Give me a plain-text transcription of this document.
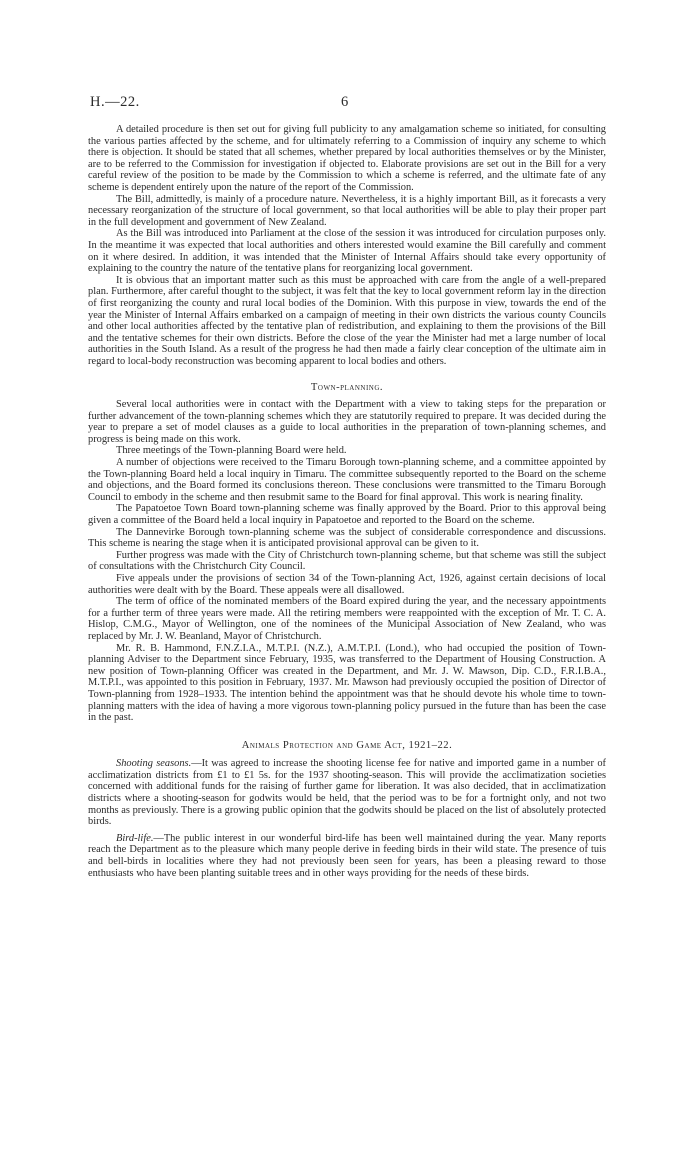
H.—22.	6

A detailed procedure is then set out for giving full publicity to any amalgamation scheme so initiated, for consulting the various parties affected by the scheme, and for ultimately referring to a Commission of inquiry any scheme to which there is objection. It should be stated that all schemes, whether prepared by local authorities themselves or by the Minister, are to be referred to the Commission for investigation if objected to. Elaborate provisions are set out in the Bill for a very careful review of the position to be made by the Commission to which a scheme is referred, and the ultimate fate of any scheme is dependent entirely upon the nature of the report of the Commission.

The Bill, admittedly, is mainly of a procedure nature. Nevertheless, it is a highly important Bill, as it forecasts a very necessary reorganization of the structure of local government, so that local authorities will be able to play their proper part in the full development and government of New Zealand.

As the Bill was introduced into Parliament at the close of the session it was introduced for circulation purposes only. In the meantime it was expected that local authorities and others interested would examine the Bill carefully and comment on it where desired. In addition, it was intended that the Minister of Internal Affairs should take every opportunity of explaining to the country the nature of the tentative plans for reorganizing local government.

It is obvious that an important matter such as this must be approached with care from the angle of a well-prepared plan. Furthermore, after careful thought to the subject, it was felt that the key to local government reform lay in the direction of first reorganizing the county and rural local bodies of the Dominion. With this purpose in view, towards the end of the year the Minister of Internal Affairs embarked on a campaign of meeting in their own districts the various county Councils and other local authorities affected by the tentative plan of redistribution, and explaining to them the provisions of the Bill and the tentative schemes for their own districts. Before the close of the year the Minister had met a large number of local authorities in the South Island. As a result of the progress he had then made a fairly clear conception of the ultimate aim in regard to local-body reconstruction was becoming apparent to local bodies and others.

Town-planning.

Several local authorities were in contact with the Department with a view to taking steps for the preparation or further advancement of the town-planning schemes which they are statutorily required to prepare. It was decided during the year to prepare a set of model clauses as a guide to local authorities in the preparation of town-planning schemes, and progress is being made on this work.

Three meetings of the Town-planning Board were held.

A number of objections were received to the Timaru Borough town-planning scheme, and a committee appointed by the Town-planning Board held a local inquiry in Timaru. The committee subsequently reported to the Board on the scheme and objections, and the Board formed its conclusions thereon. These conclusions were transmitted to the Timaru Borough Council to embody in the scheme and then resubmit same to the Board for final approval. This work is nearing finality.

The Papatoetoe Town Board town-planning scheme was finally approved by the Board. Prior to this approval being given a committee of the Board held a local inquiry in Papatoetoe and reported to the Board on the scheme.

The Dannevirke Borough town-planning scheme was the subject of considerable correspondence and discussions. This scheme is nearing the stage when it is anticipated provisional approval can be given to it.

Further progress was made with the City of Christchurch town-planning scheme, but that scheme was still the subject of consultations with the Christchurch City Council.

Five appeals under the provisions of section 34 of the Town-planning Act, 1926, against certain decisions of local authorities were dealt with by the Board. These appeals were all disallowed.

The term of office of the nominated members of the Board expired during the year, and the necessary appointments for a further term of three years were made. All the retiring members were reappointed with the exception of Mr. T. C. A. Hislop, C.M.G., Mayor of Wellington, one of the nominees of the Municipal Association of New Zealand, who was replaced by Mr. J. W. Beanland, Mayor of Christchurch.

Mr. R. B. Hammond, F.N.Z.I.A., M.T.P.I. (N.Z.), A.M.T.P.I. (Lond.), who had occupied the position of Town-planning Adviser to the Department since February, 1935, was transferred to the Department of Housing Construction. A new position of Town-planning Officer was created in the Department, and Mr. J. W. Mawson, Dip. C.D., F.R.I.B.A., M.T.P.I., was appointed to this position in February, 1937. Mr. Mawson had previously occupied the position of Director of Town-planning from 1928–1933. The intention behind the appointment was that he should devote his whole time to town-planning matters with the idea of having a more vigorous town-planning policy pursued in the future than has been the case in the past.

Animals Protection and Game Act, 1921–22.

Shooting seasons.—It was agreed to increase the shooting license fee for native and imported game in a number of acclimatization districts from £1 to £1 5s. for the 1937 shooting-season. This will provide the acclimatization societies concerned with additional funds for the raising of further game for liberation. It was also decided, that in acclimatization districts where a shooting-season for godwits would be held, that the period was to be for a fortnight only, and not two months as previously. There is a growing public opinion that the godwits should be placed on the list of absolutely protected birds.

Bird-life.—The public interest in our wonderful bird-life has been well maintained during the year. Many reports reach the Department as to the pleasure which many people derive in feeding birds in their wild state. The presence of tuis and bell-birds in localities where they had not previously been seen for years, has been a pleasing reward to those enthusiasts who have been planting suitable trees and in other ways providing for the needs of these birds.
